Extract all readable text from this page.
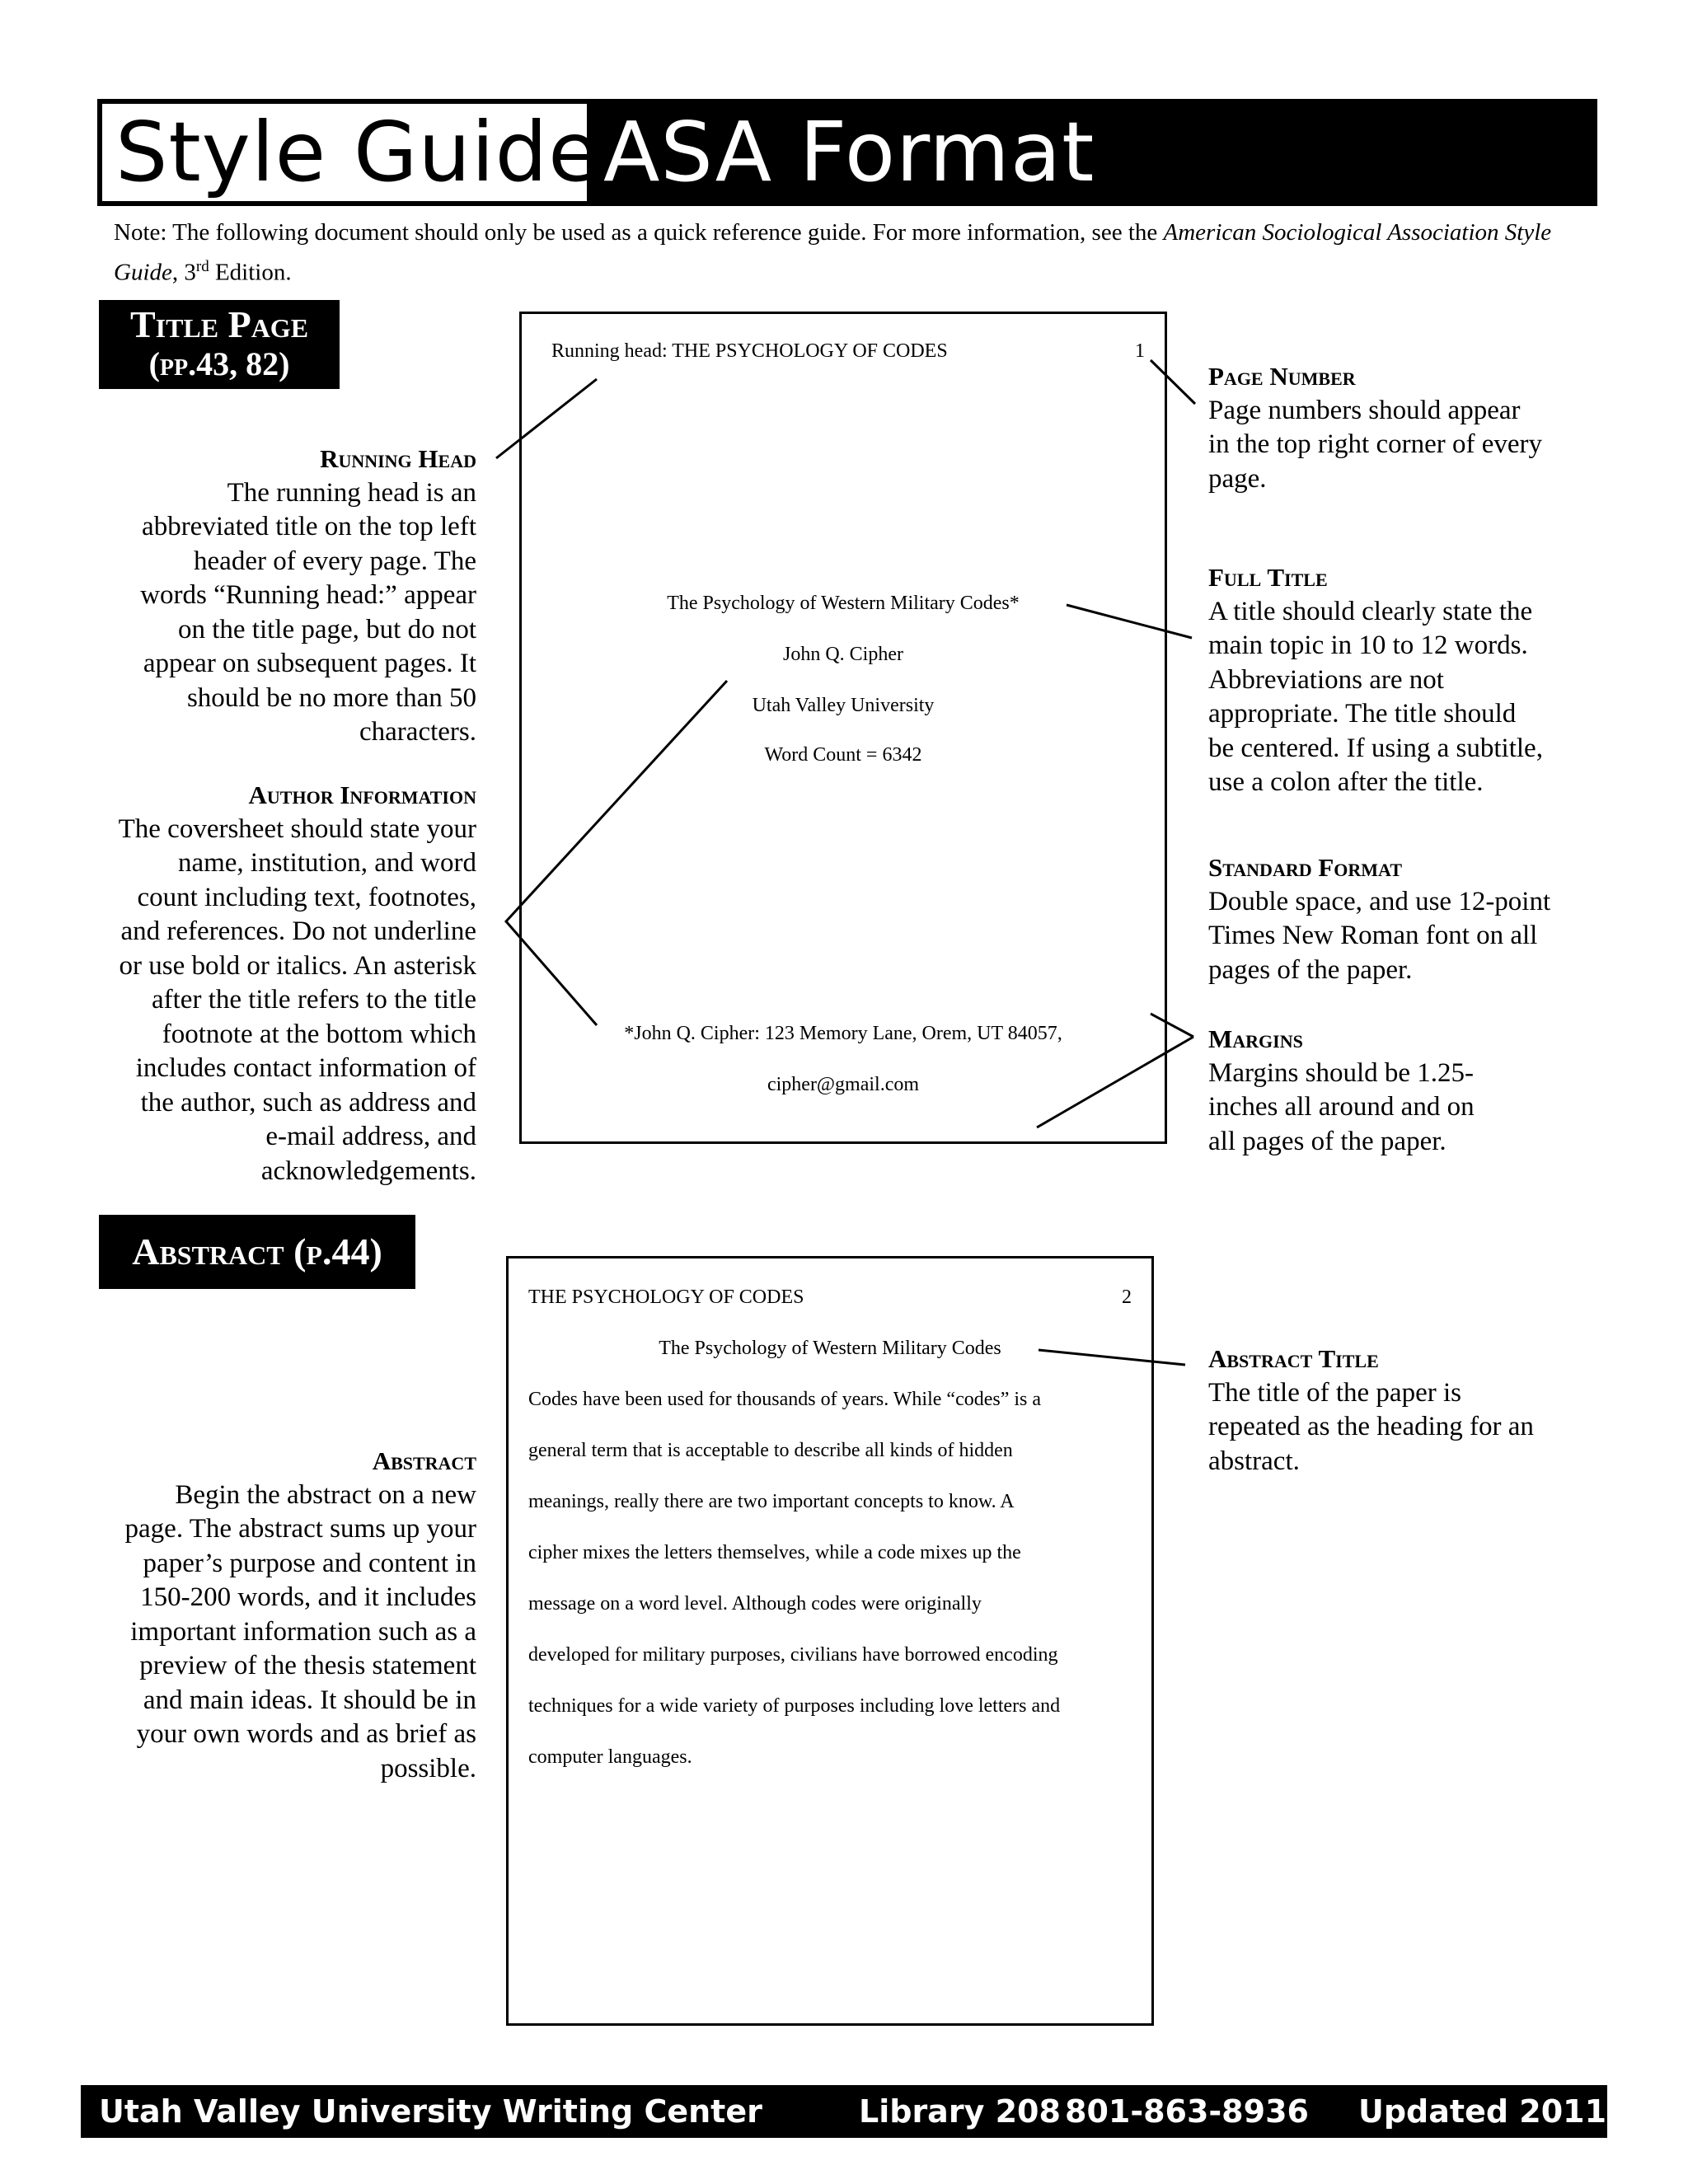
Style Guides
ASA Format
Note: The following document should only be used as a quick reference guide. For more information, see the American Sociological Association Style Guide, 3rd Edition.
Title Page
(pp.43, 82)
Running Head
The running head is an
abbreviated title on the top left
header of every page. The
words “Running head:” appear
on the title page, but do not
appear on subsequent pages. It
should be no more than 50
characters.
Author Information
The coversheet should state your
name, institution, and word
count including text, footnotes,
and references. Do not underline
or use bold or italics. An asterisk
after the title refers to the title
footnote at the bottom which
includes contact information of
the author, such as address and
e-mail address, and
acknowledgements.
Running head: THE PSYCHOLOGY OF CODES	1
The Psychology of Western Military Codes*
John Q. Cipher
Utah Valley University
Word Count = 6342
*John Q. Cipher: 123 Memory Lane, Orem, UT 84057,
cipher@gmail.com
Page Number
Page numbers should appear
in the top right corner of every
page.
Full Title
A title should clearly state the
main topic in 10 to 12 words.
Abbreviations are not
appropriate. The title should
be centered. If using a subtitle,
use a colon after the title.
Standard Format
Double space, and use 12-point
Times New Roman font on all
pages of the paper.
Margins
Margins should be 1.25-
inches all around and on
all pages of the paper.
Abstract (p.44)
Abstract
Begin the abstract on a new
page. The abstract sums up your
paper’s purpose and content in
150-200 words, and it includes
important information such as a
preview of the thesis statement
and main ideas. It should be in
your own words and as brief as
possible.
THE PSYCHOLOGY OF CODES	2
The Psychology of Western Military Codes
Codes have been used for thousands of years. While “codes” is a
general term that is acceptable to describe all kinds of hidden
meanings, really there are two important concepts to know. A
cipher mixes the letters themselves, while a code mixes up the
message on a word level. Although codes were originally
developed for military purposes, civilians have borrowed encoding
techniques for a wide variety of purposes including love letters and
computer languages.
Abstract Title
The title of the paper is
repeated as the heading for an
abstract.
Utah Valley University Writing Center	Library 208 801-863-8936 Updated 2011
